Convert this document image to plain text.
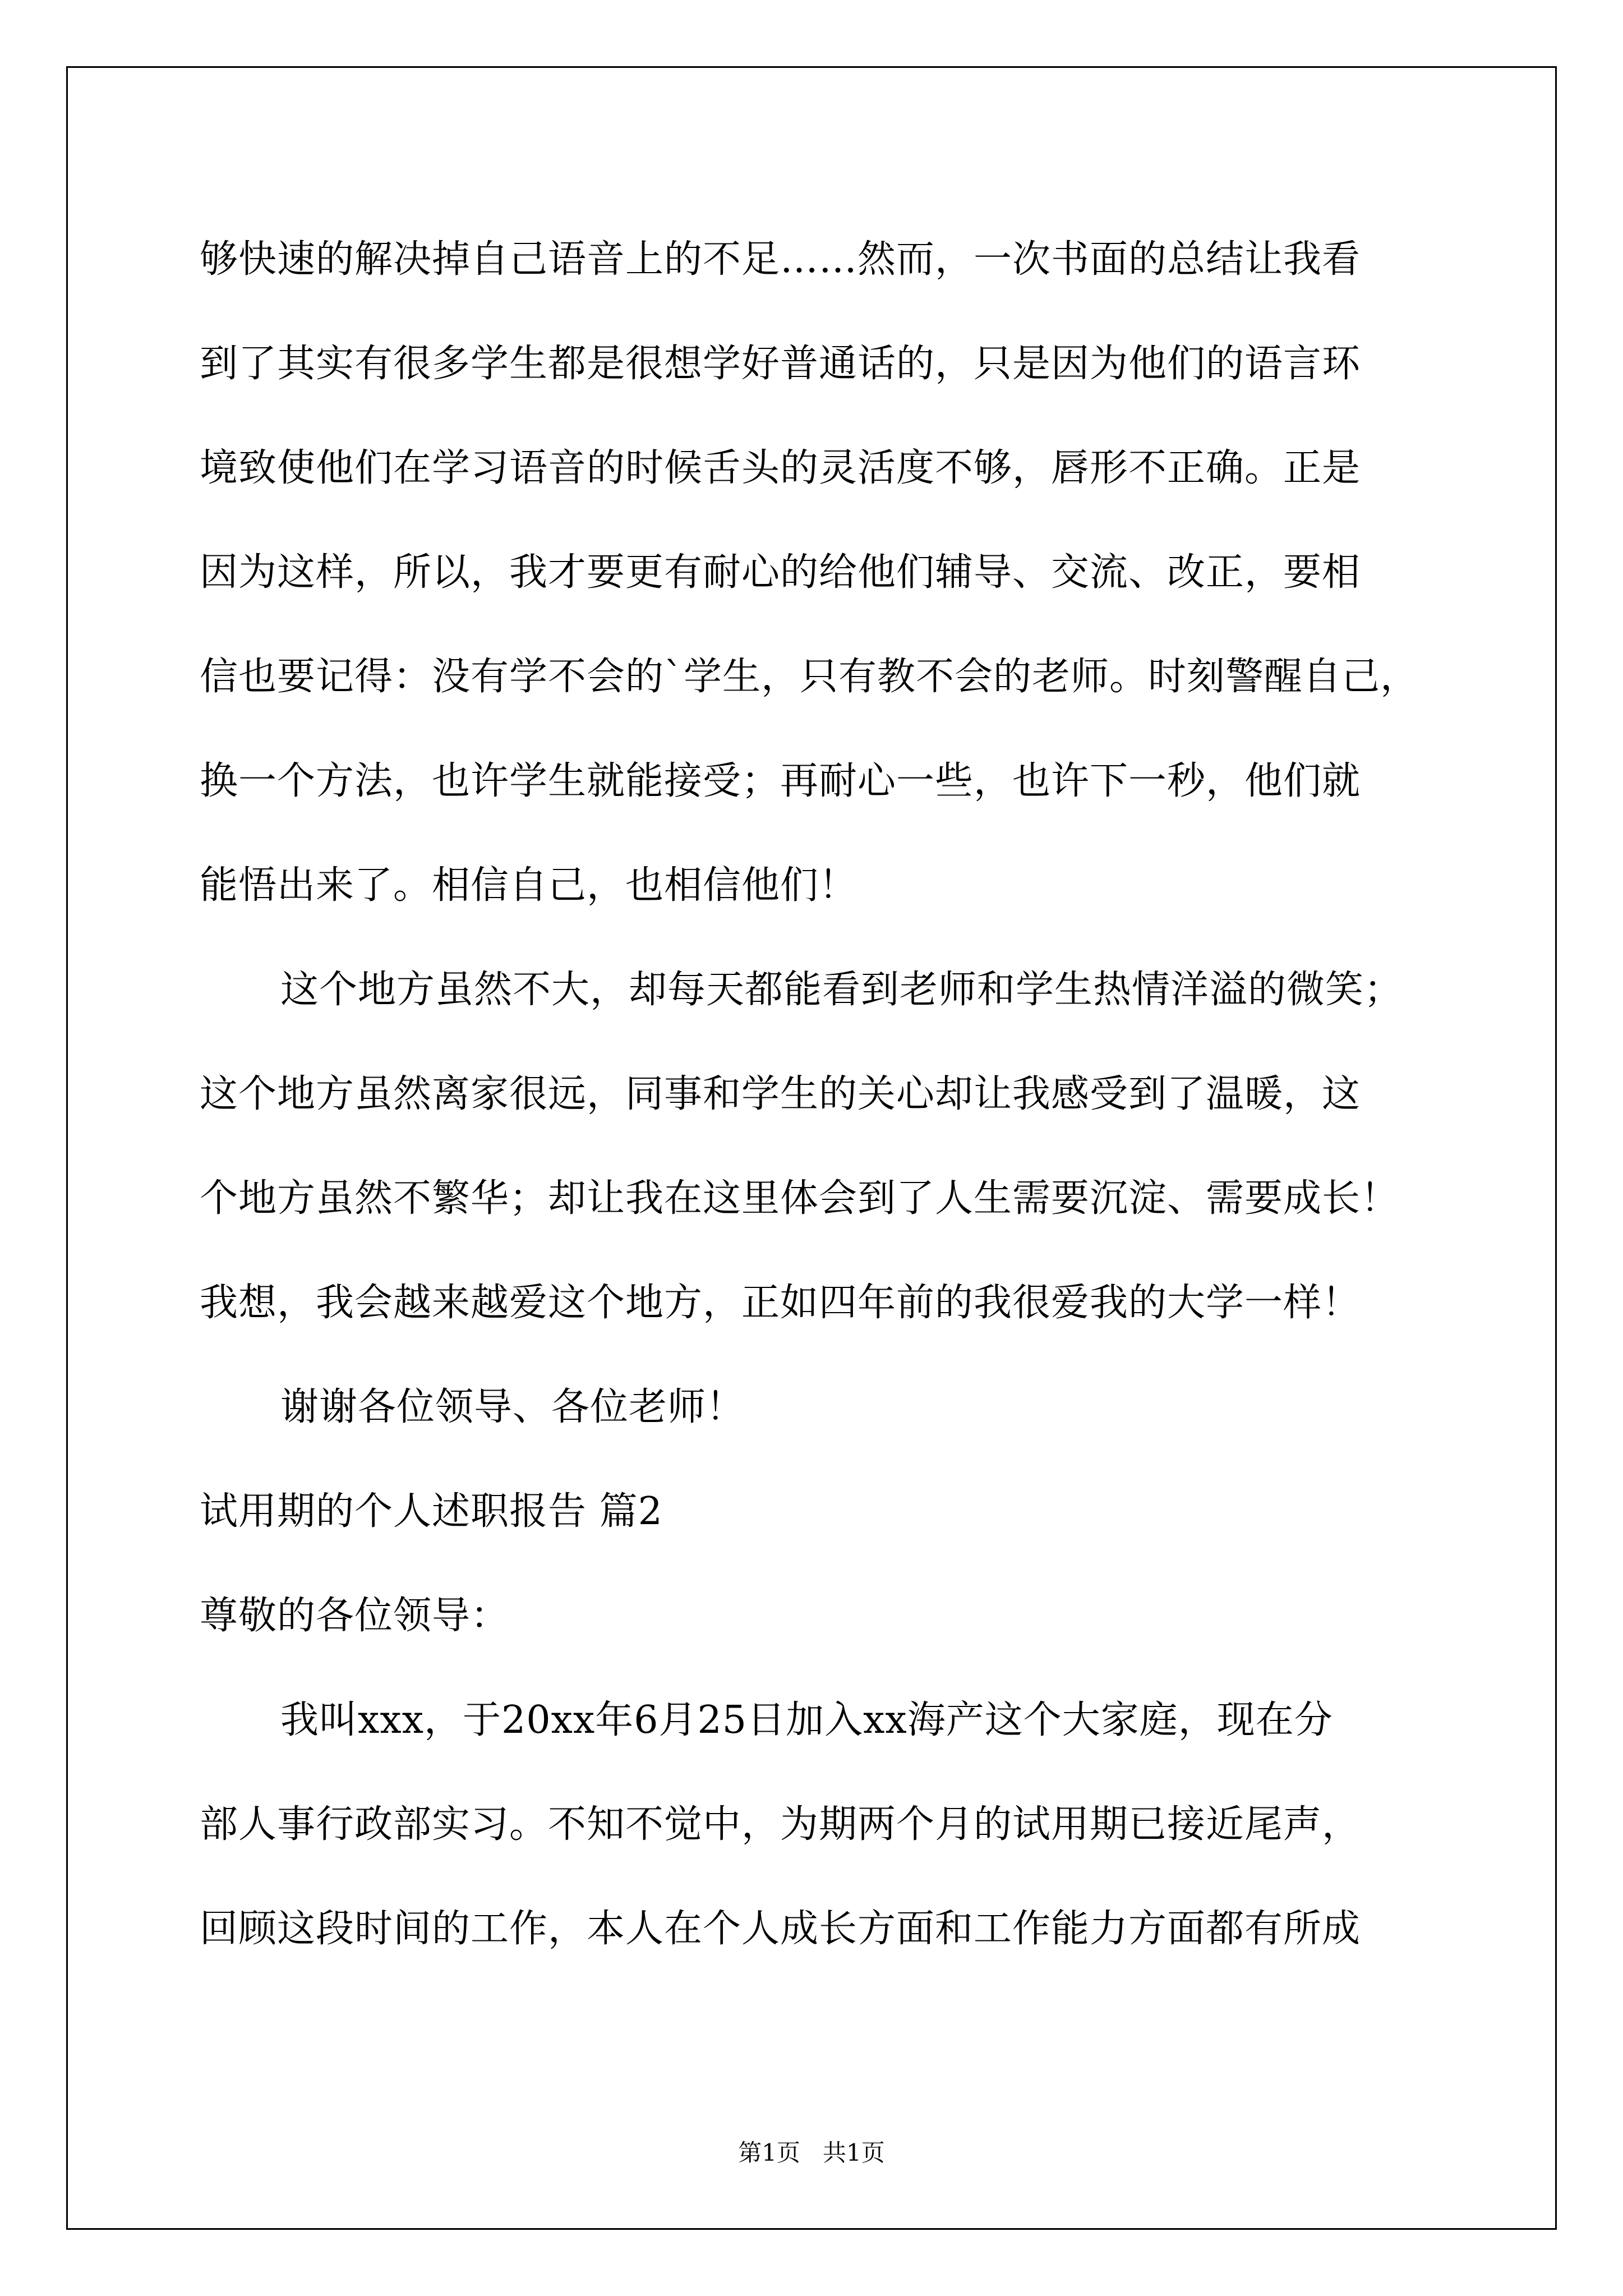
够快速的解决掉自己语音上的不足……然而，一次书面的总结让我看
到了其实有很多学生都是很想学好普通话的，只是因为他们的语言环
境致使他们在学习语音的时候舌头的灵活度不够，唇形不正确。正是
因为这样，所以，我才要更有耐心的给他们辅导、交流、改正，要相
信也要记得：没有学不会的`学生，只有教不会的老师。时刻警醒自己，
换一个方法，也许学生就能接受；再耐心一些，也许下一秒，他们就
能悟出来了。相信自己，也相信他们！
这个地方虽然不大，却每天都能看到老师和学生热情洋溢的微笑；
这个地方虽然离家很远，同事和学生的关心却让我感受到了温暖，这
个地方虽然不繁华；却让我在这里体会到了人生需要沉淀、需要成长！
我想，我会越来越爱这个地方，正如四年前的我很爱我的大学一样！
谢谢各位领导、各位老师！
试用期的个人述职报告 篇2
尊敬的各位领导：
我叫xxx，于20xx年6月25日加入xx海产这个大家庭，现在分
部人事行政部实习。不知不觉中，为期两个月的试用期已接近尾声，
回顾这段时间的工作，本人在个人成长方面和工作能力方面都有所成
第1页   共1页
